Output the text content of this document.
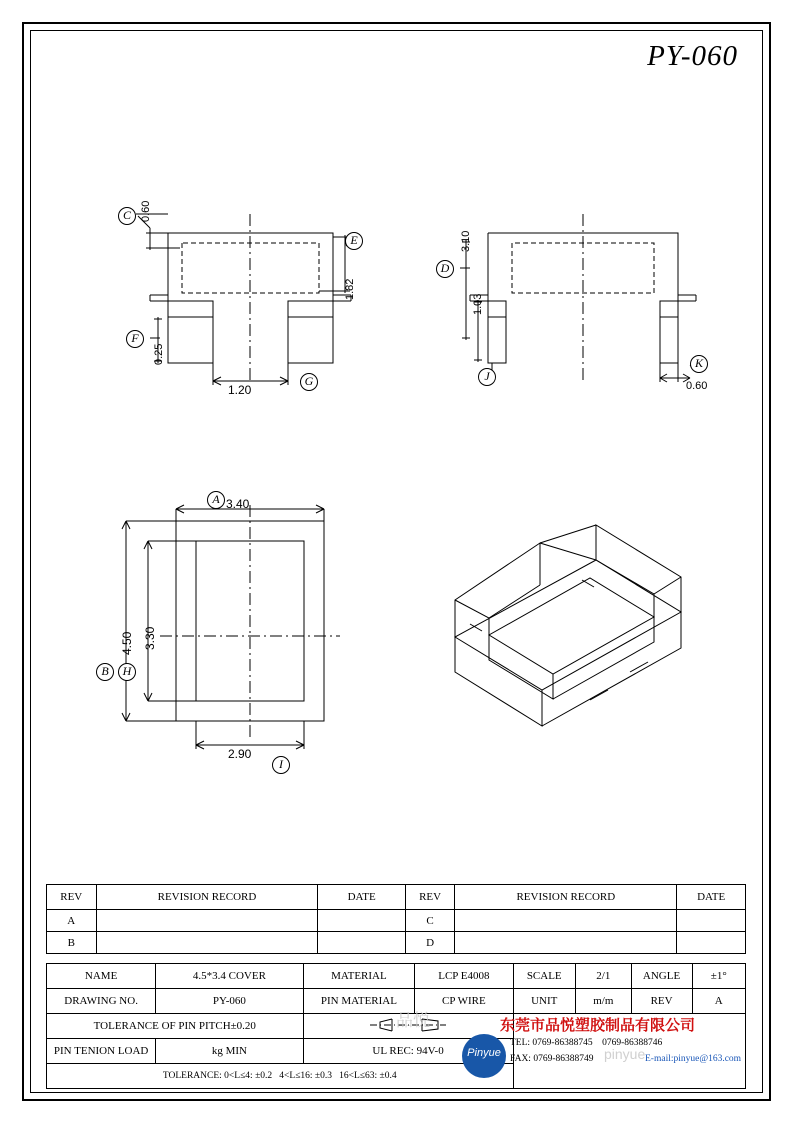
PY-060
0.60
1.82
0.25
1.20
C
E
F
G
3.10
1.03
0.60
D
J
K
3.40
4.50 3.30
2.90
A
B	H
I
REV	REVISION RECORD	DATE	REV	REVISION RECORD	DATE
A			C		
B			D		
NAME	4.5*3.4 COVER	MATERIAL	LCP E4008	SCALE	2/1	ANGLE	±1°
DRAWING NO.	PY-060	PIN MATERIAL	CP WIRE	UNIT	m/m	REV	A
TOLERANCE OF PIN PITCH±0.20		
PIN TENION LOAD	kg MIN	UL REC: 94V-0					
TOLERANCE: 0<L≤4: ±0.2   4<L≤16: ±0.3   16<L≤63: ±0.4							
Pinyue
东莞市品悦塑胶制品有限公司
TEL: 0769-86388745    0769-86388746
FAX: 0769-86388749	E-mail:pinyue@163.com
品悦
pinyue
